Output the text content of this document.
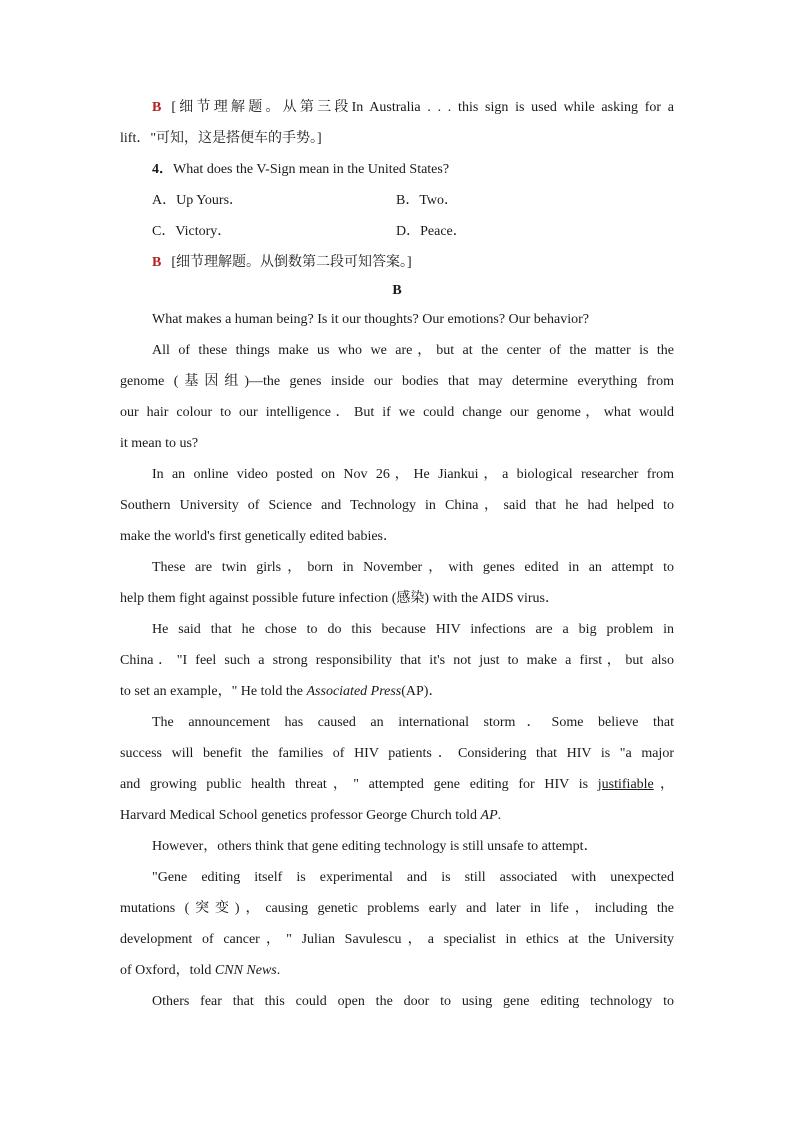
B [细节理解题。从第三段In Australia . . . this sign is used while asking for a
lift．"可知，这是搭便车的手势。]
4．What does the V-Sign mean in the United States?
A．Up Yours．	B．Two．
C．Victory．	D．Peace．
B [细节理解题。从倒数第二段可知答案。]
B
What makes a human being? Is it our thoughts? Our emotions? Our behavior?
All of these things make us who we are，but at the center of the matter is the
genome (基因组)—the genes inside our bodies that may determine everything from
our hair colour to our intelligence．But if we could change our genome，what would
it mean to us?
In an online video posted on Nov 26，He Jiankui，a biological researcher from
Southern University of Science and Technology in China，said that he had helped to
make the world's first genetically edited babies．
These are twin girls，born in November，with genes edited in an attempt to
help them fight against possible future infection (感染) with the AIDS virus．
He said that he chose to do this because HIV infections are a big problem in
China．"I feel such a strong responsibility that it's not just to make a first，but also
to set an example，" He told the Associated Press(AP)．
The announcement has caused an international storm．Some believe that
success will benefit the families of HIV patients．Considering that HIV is "a major
and growing public health threat，" attempted gene editing for HIV is justifiable，
Harvard Medical School genetics professor George Church told AP.
However，others think that gene editing technology is still unsafe to attempt．
"Gene editing itself is experimental and is still associated with unexpected
mutations (突变)，causing genetic problems early and later in life，including the
development of cancer，" Julian Savulescu，a specialist in ethics at the University
of Oxford，told CNN News.
Others fear that this could open the door to using gene editing technology to
